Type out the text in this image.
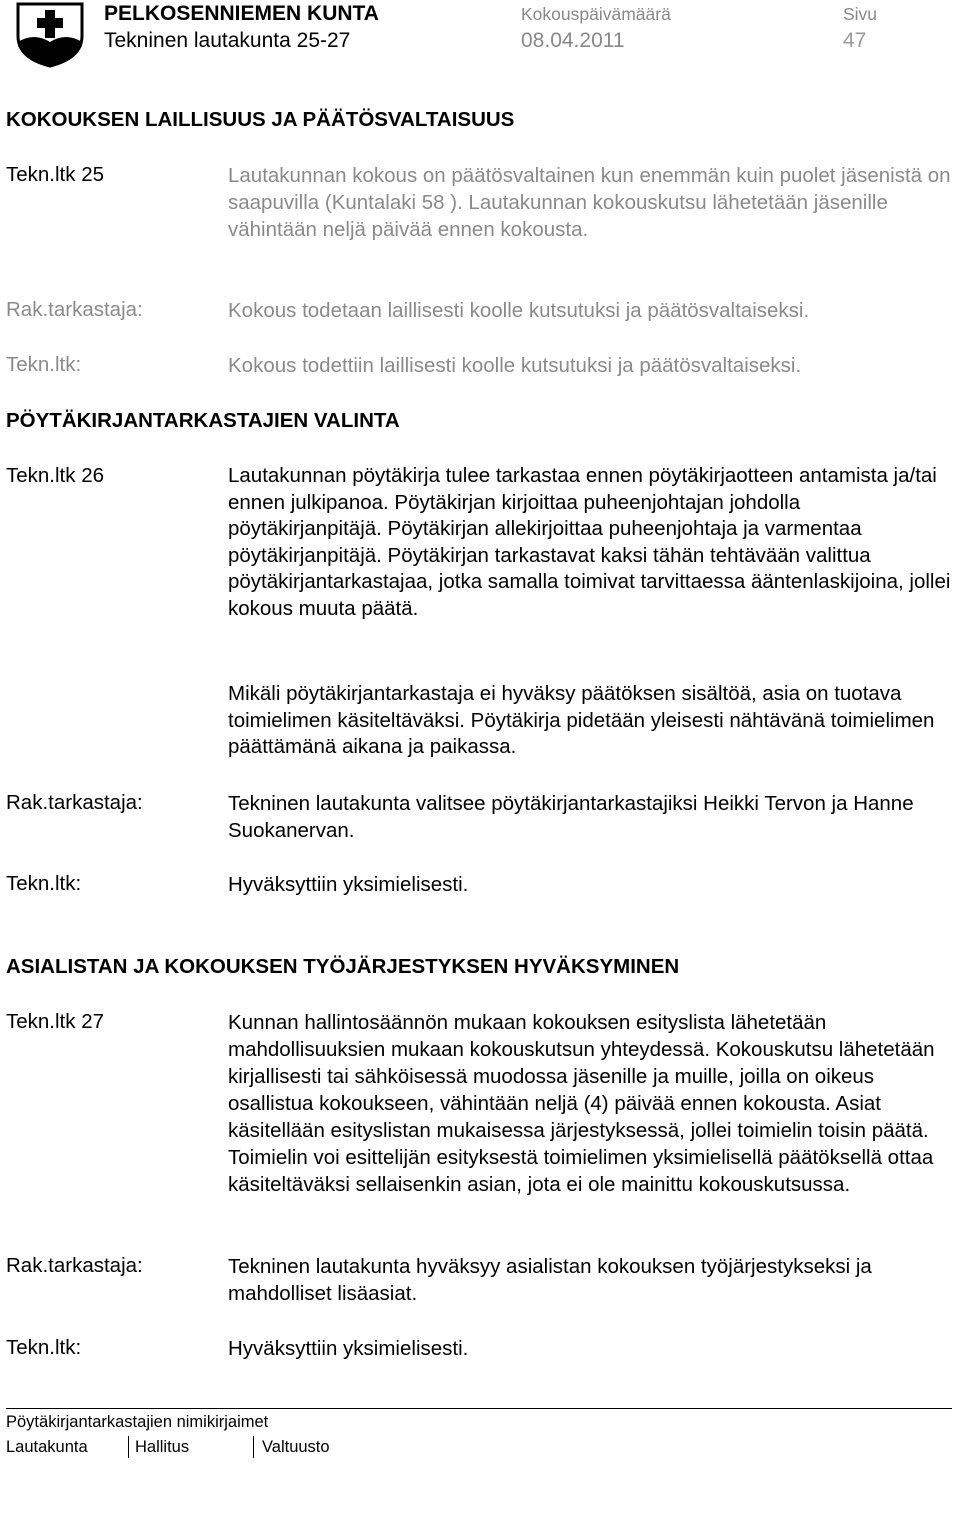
PELKOSENNIEMEN KUNTA
Tekninen lautakunta 25-27
Kokouspäivämäärä
08.04.2011
Sivu
47
KOKOUKSEN LAILLISUUS JA PÄÄTÖSVALTAISUUS
Tekn.ltk 25	Lautakunnan kokous on päätösvaltainen kun enemmän kuin puolet jäsenistä on saapuvilla (Kuntalaki 58 ). Lautakunnan kokouskutsu lähetetään jäsenille vähintään neljä päivää ennen kokousta.

Rak.tarkastaja:	Kokous todetaan laillisesti koolle kutsutuksi ja päätösvaltaiseksi.

Tekn.ltk:	Kokous todettiin laillisesti koolle kutsutuksi ja päätösvaltaiseksi.

PÖYTÄKIRJANTARKASTAJIEN VALINTA
Tekn.ltk 26	Lautakunnan pöytäkirja tulee tarkastaa ennen pöytäkirjaotteen antamista ja/tai ennen julkipanoa. Pöytäkirjan kirjoittaa puheenjohtajan johdolla pöytäkirjanpitäjä. Pöytäkirjan allekirjoittaa puheenjohtaja ja varmentaa pöytäkirjanpitäjä. Pöytäkirjan tarkastavat kaksi tähän tehtävään valittua pöytäkirjantarkastajaa, jotka samalla toimivat tarvittaessa ääntenlaskijoina, jollei kokous muuta päätä.

Mikäli pöytäkirjantarkastaja ei hyväksy päätöksen sisältöä, asia on tuotava toimielimen käsiteltäväksi. Pöytäkirja pidetään yleisesti nähtävänä toimielimen päättämänä aikana ja paikassa.

Rak.tarkastaja:	Tekninen lautakunta valitsee pöytäkirjantarkastajiksi Heikki Tervon ja Hanne Suokanervan.

Tekn.ltk:	Hyväksyttiin yksimielisesti.

ASIALISTAN JA KOKOUKSEN TYÖJÄRJESTYKSEN HYVÄKSYMINEN
Tekn.ltk 27	Kunnan hallintosäännön mukaan kokouksen esityslista lähetetään mahdollisuuksien mukaan kokouskutsun yhteydessä. Kokouskutsu lähetetään kirjallisesti tai sähköisessä muodossa jäsenille ja muille, joilla on oikeus osallistua kokoukseen, vähintään neljä (4) päivää ennen kokousta. Asiat käsitellään esityslistan mukaisessa järjestyksessä, jollei toimielin toisin päätä. Toimielin voi esittelijän esityksestä toimielimen yksimielisellä päätöksellä ottaa käsiteltäväksi sellaisenkin asian, jota ei ole mainittu kokouskutsussa.

Rak.tarkastaja:	Tekninen lautakunta hyväksyy asialistan kokouksen työjärjestykseksi ja mahdolliset lisäasiat.

Tekn.ltk:	Hyväksyttiin yksimielisesti.

Pöytäkirjantarkastajien nimikirjaimet
Lautakunta	Hallitus	Valtuusto
